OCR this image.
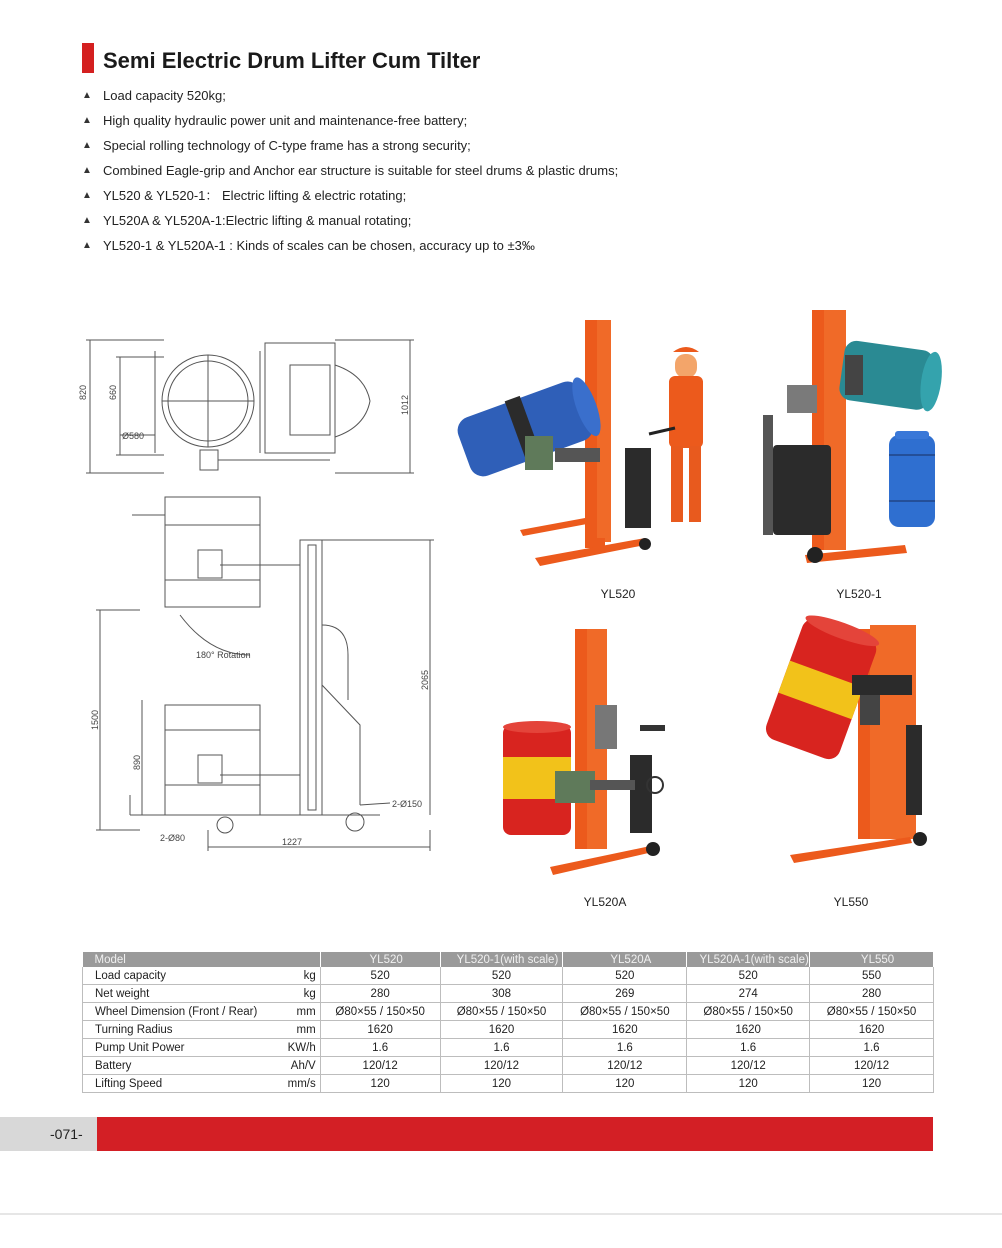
Semi Electric Drum Lifter Cum Tilter
▲ Load capacity 520kg;
▲ High quality hydraulic power unit and maintenance-free battery;
▲ Special rolling technology of C-type frame has a strong security;
▲ Combined Eagle-grip and Anchor ear structure is suitable for steel drums & plastic drums;
▲ YL520 & YL520-1： Electric lifting & electric rotating;
▲ YL520A & YL520A-1:Electric lifting & manual rotating;
▲ YL520-1 & YL520A-1 : Kinds of scales can be chosen, accuracy up to ±3‰
820 660
Ø580
1012
180° Rotation
1500
890
2065
2-Ø150
2-Ø80	1227
YL520	YL520-1
YL520A	YL550
Model		YL520	YL520-1(with scale)	YL520A	YL520A-1(with scale)	YL550
Load capacity	kg	520	520	520	520	550
Net weight	kg	280	308	269	274	280
Wheel Dimension (Front / Rear)	mm	Ø80×55 / 150×50	Ø80×55 / 150×50	Ø80×55 / 150×50	Ø80×55 / 150×50	Ø80×55 / 150×50
Turning Radius	mm	1620	1620	1620	1620	1620
Pump Unit Power	KW/h	1.6	1.6	1.6	1.6	1.6
Battery	Ah/V	120/12	120/12	120/12	120/12	120/12
Lifting Speed	mm/s	120	120	120	120	120
-071-
